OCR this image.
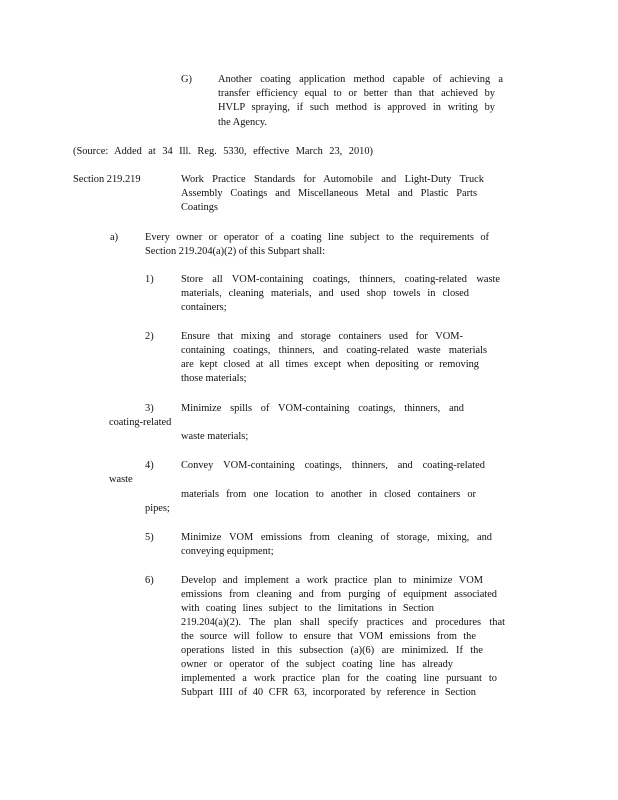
G)	Another coating application method capable of achieving a
transfer efficiency equal to or better than that achieved by
HVLP spraying, if such method is approved in writing by
the Agency.
(Source: Added at 34 Ill. Reg. 5330, effective March 23, 2010)
Section 219.219	Work Practice Standards for Automobile and Light-Duty Truck
Assembly Coatings and Miscellaneous Metal and Plastic Parts
Coatings
a)	Every owner or operator of a coating line subject to the requirements of
Section 219.204(a)(2) of this Subpart shall:
1)	Store all VOM-containing coatings, thinners, coating-related waste
materials, cleaning materials, and used shop towels in closed
containers;
2)	Ensure that mixing and storage containers used for VOM-
containing coatings, thinners, and coating-related waste materials
are kept closed at all times except when depositing or removing
those materials;
3)	Minimize spills of VOM-containing coatings, thinners, and
coating-related
waste materials;
4)	Convey VOM-containing coatings, thinners, and coating-related
waste
materials from one location to another in closed containers or
pipes;
5)	Minimize VOM emissions from cleaning of storage, mixing, and
conveying equipment;
6)	Develop and implement a work practice plan to minimize VOM
emissions from cleaning and from purging of equipment associated
with coating lines subject to the limitations in Section
219.204(a)(2). The plan shall specify practices and procedures that
the source will follow to ensure that VOM emissions from the
operations listed in this subsection (a)(6) are minimized. If the
owner or operator of the subject coating line has already
implemented a work practice plan for the coating line pursuant to
Subpart IIII of 40 CFR 63, incorporated by reference in Section
